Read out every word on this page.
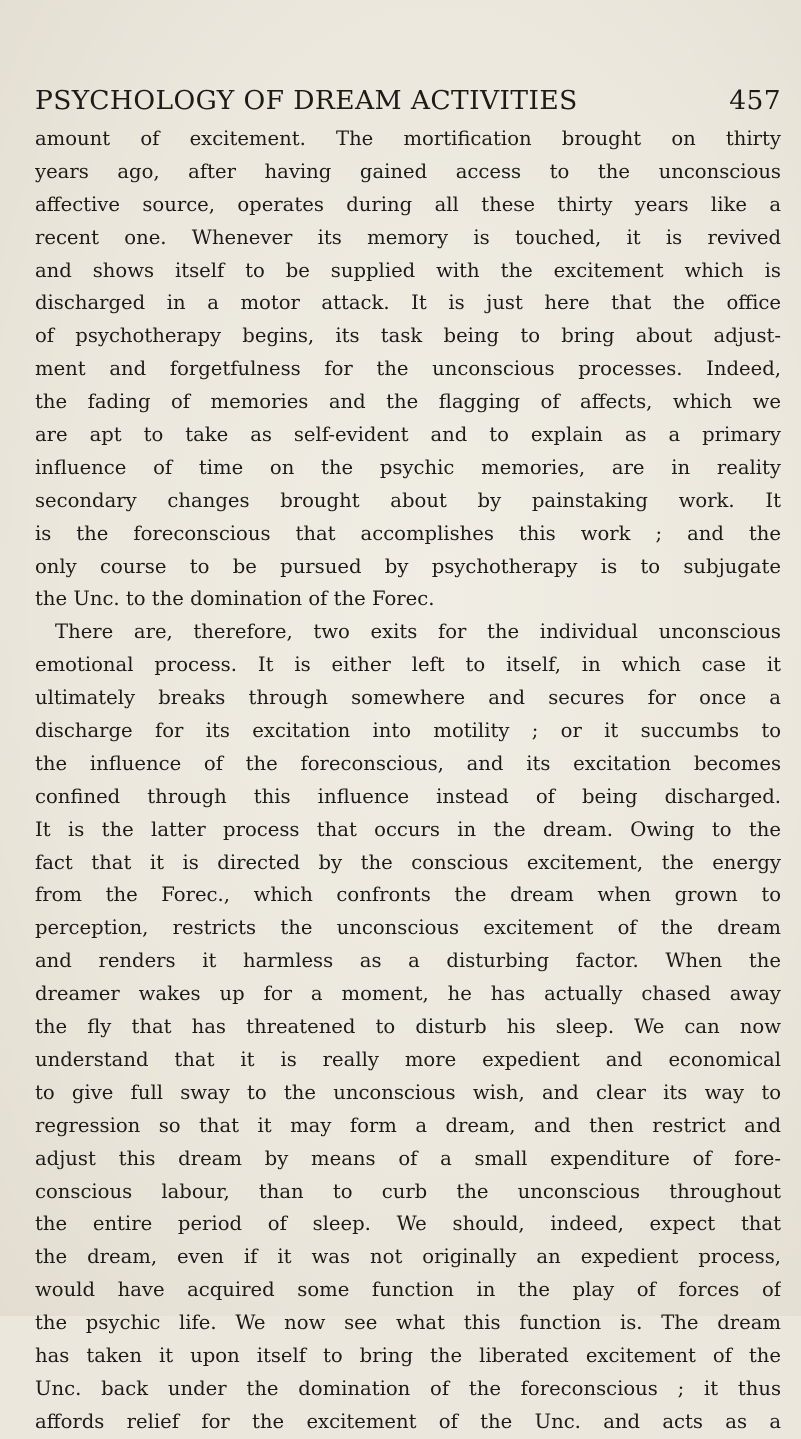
PSYCHOLOGY OF DREAM ACTIVITIES	457
amount of excitement. The mortification brought on thirty
years ago, after having gained access to the unconscious
affective source, operates during all these thirty years like a
recent one. Whenever its memory is touched, it is revived
and shows itself to be supplied with the excitement which is
discharged in a motor attack. It is just here that the office
of psychotherapy begins, its task being to bring about adjust-
ment and forgetfulness for the unconscious processes. Indeed,
the fading of memories and the flagging of affects, which we
are apt to take as self-evident and to explain as a primary
influence of time on the psychic memories, are in reality
secondary changes brought about by painstaking work. It
is the foreconscious that accomplishes this work ; and the
only course to be pursued by psychotherapy is to subjugate
the Unc. to the domination of the Forec.
There are, therefore, two exits for the individual unconscious
emotional process. It is either left to itself, in which case it
ultimately breaks through somewhere and secures for once a
discharge for its excitation into motility ; or it succumbs to
the influence of the foreconscious, and its excitation becomes
confined through this influence instead of being discharged.
It is the latter process that occurs in the dream. Owing to the
fact that it is directed by the conscious excitement, the energy
from the Forec., which confronts the dream when grown to
perception, restricts the unconscious excitement of the dream
and renders it harmless as a disturbing factor. When the
dreamer wakes up for a moment, he has actually chased away
the fly that has threatened to disturb his sleep. We can now
understand that it is really more expedient and economical
to give full sway to the unconscious wish, and clear its way to
regression so that it may form a dream, and then restrict and
adjust this dream by means of a small expenditure of fore-
conscious labour, than to curb the unconscious throughout
the entire period of sleep. We should, indeed, expect that
the dream, even if it was not originally an expedient process,
would have acquired some function in the play of forces of
the psychic life. We now see what this function is. The dream
has taken it upon itself to bring the liberated excitement of the
Unc. back under the domination of the foreconscious ; it thus
affords relief for the excitement of the Unc. and acts as a
